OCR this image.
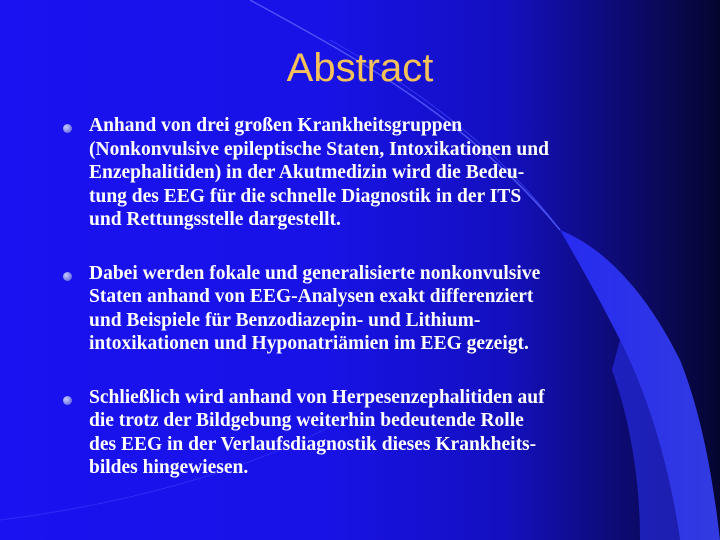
Abstract
Anhand von drei großen Krankheitsgruppen
(Nonkonvulsive epileptische Staten, Intoxikationen und
Enzephalitiden) in der Akutmedizin wird die Bedeu-
tung des EEG für die schnelle Diagnostik in der ITS
und Rettungsstelle dargestellt.
Dabei werden fokale und generalisierte nonkonvulsive
Staten anhand von EEG-Analysen exakt differenziert
und Beispiele für Benzodiazepin- und Lithium-
intoxikationen und Hyponatriämien im EEG gezeigt.
Schließlich wird anhand von Herpesenzephalitiden auf
die trotz der Bildgebung weiterhin bedeutende Rolle
des EEG in der Verlaufsdiagnostik dieses Krankheits-
bildes hingewiesen.
